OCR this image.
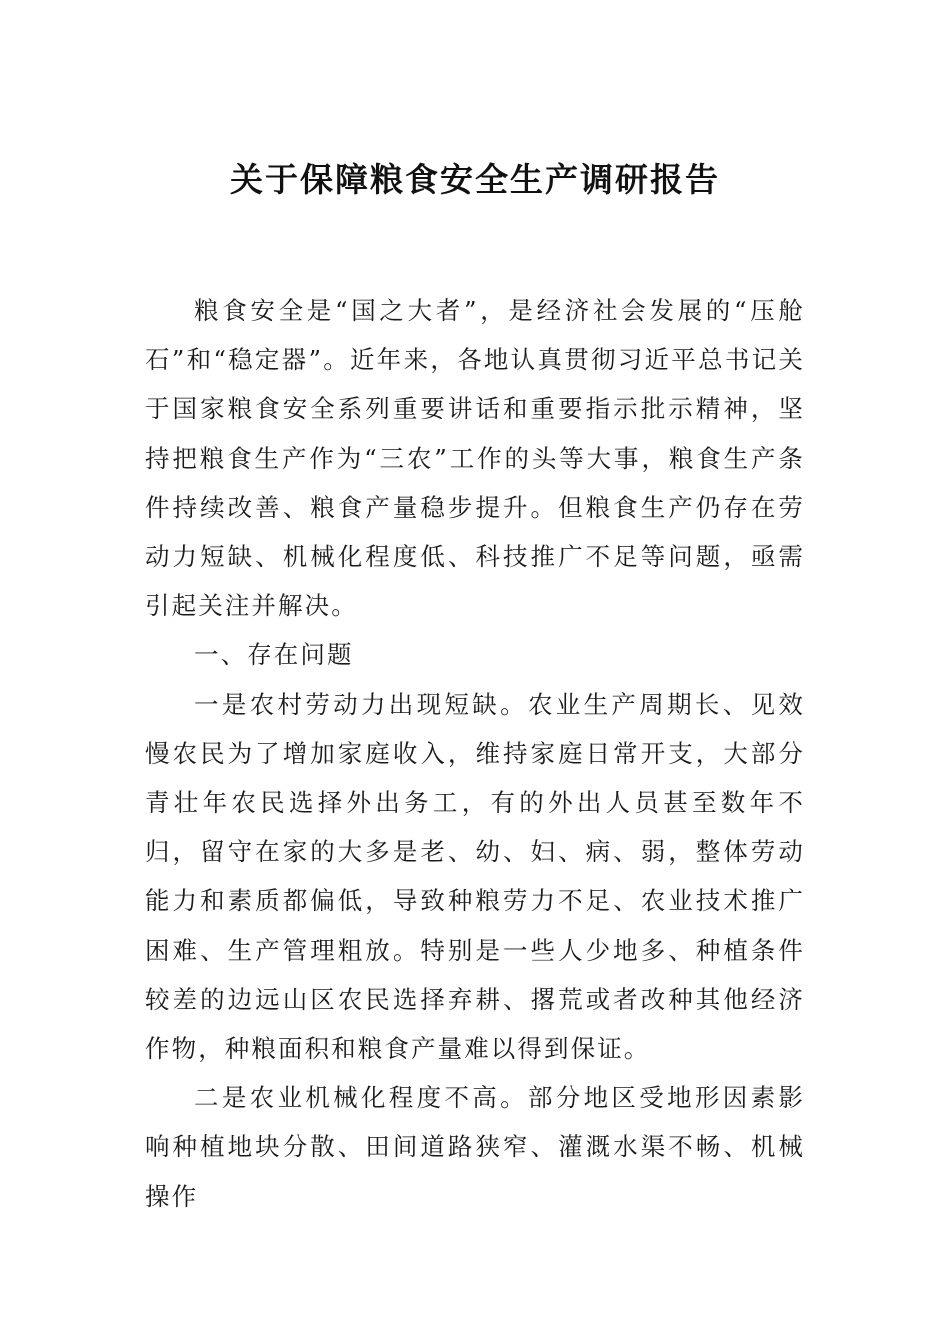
关于保障粮食安全生产调研报告

粮食安全是“国之大者”，是经济社会发展的“压舱石”和“稳定器”。近年来，各地认真贯彻习近平总书记关于国家粮食安全系列重要讲话和重要指示批示精神，坚持把粮食生产作为“三农”工作的头等大事，粮食生产条件持续改善、粮食产量稳步提升。但粮食生产仍存在劳动力短缺、机械化程度低、科技推广不足等问题，亟需引起关注并解决。

一、存在问题

一是农村劳动力出现短缺。农业生产周期长、见效慢农民为了增加家庭收入，维持家庭日常开支，大部分青壮年农民选择外出务工，有的外出人员甚至数年不归，留守在家的大多是老、幼、妇、病、弱，整体劳动能力和素质都偏低，导致种粮劳力不足、农业技术推广困难、生产管理粗放。特别是一些人少地多、种植条件较差的边远山区农民选择弃耕、撂荒或者改种其他经济作物，种粮面积和粮食产量难以得到保证。

二是农业机械化程度不高。部分地区受地形因素影响种植地块分散、田间道路狭窄、灌溉水渠不畅、机械操作
